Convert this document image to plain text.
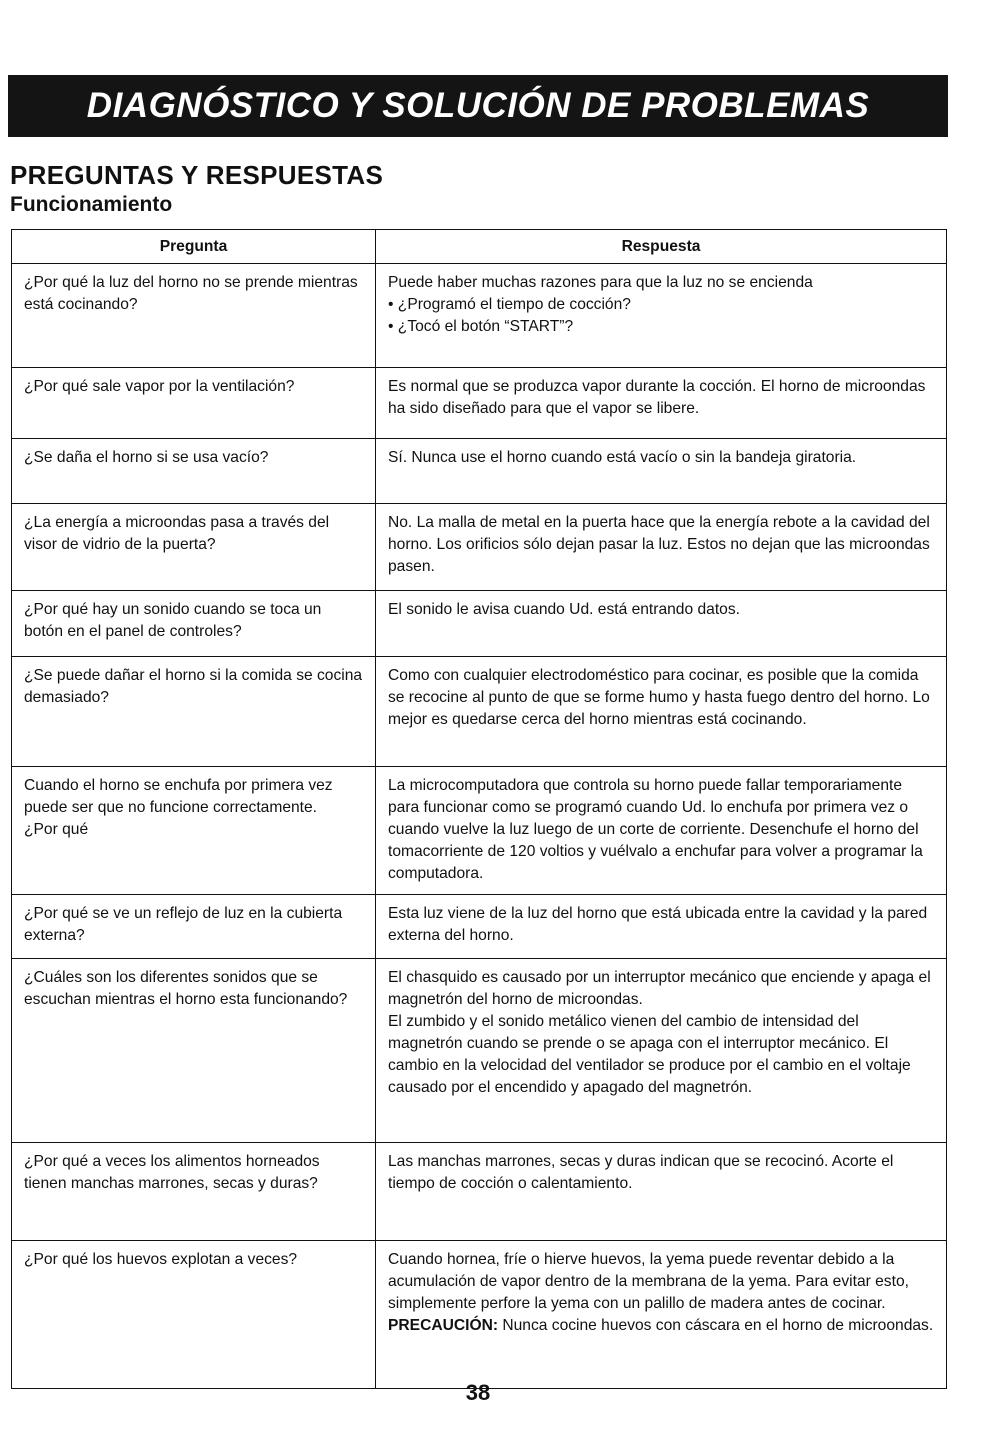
DIAGNÓSTICO Y SOLUCIÓN DE PROBLEMAS
PREGUNTAS Y RESPUESTAS
Funcionamiento
Pregunta	Respuesta
¿Por qué la luz del horno no se prende mientras está cocinando?	Puede haber muchas razones para que la luz no se encienda
• ¿Programó el tiempo de cocción?
• ¿Tocó el botón “START”?

¿Por qué sale vapor por la ventilación?	Es normal que se produzca vapor durante la cocción. El horno de microondas ha sido diseñado para que el vapor se libere.
¿Se daña el horno si se usa vacío?	Sí. Nunca use el horno cuando está vacío o sin la bandeja giratoria.
¿La energía a microondas pasa a través del visor de vidrio de la puerta?	No. La malla de metal en la puerta hace que la energía rebote a la cavidad del horno. Los orificios sólo dejan pasar la luz. Estos no dejan que las microondas pasen.
¿Por qué hay un sonido cuando se toca un botón en el panel de controles?	El sonido le avisa cuando Ud. está entrando datos.
¿Se puede dañar el horno si la comida se cocina demasiado?	Como con cualquier electrodoméstico para cocinar, es posible que la comida se recocine al punto de que se forme humo y hasta fuego dentro del horno. Lo mejor es quedarse cerca del horno mientras está cocinando.

Cuando el horno se enchufa por primera vez puede ser que no funcione correctamente.
¿Por qué	La microcomputadora que controla su horno puede fallar temporariamente para funcionar como se programó cuando Ud. lo enchufa por primera vez o cuando vuelve la luz luego de un corte de corriente. Desenchufe el horno del tomacorriente de 120 voltios y vuélvalo a enchufar para volver a programar la computadora.
¿Por qué se ve un reflejo de luz en la cubierta externa?	Esta luz viene de la luz del horno que está ubicada entre la cavidad y la pared externa del horno.
¿Cuáles son los diferentes sonidos que se escuchan mientras el horno esta funcionando?	El chasquido es causado por un interruptor mecánico que enciende y apaga el magnetrón del horno de microondas.
El zumbido y el sonido metálico vienen del cambio de intensidad del magnetrón cuando se prende o se apaga con el interruptor mecánico. El cambio en la velocidad del ventilador se produce por el cambio en el voltaje causado por el encendido y apagado del magnetrón.

¿Por qué a veces los alimentos horneados tienen manchas marrones, secas y duras?	Las manchas marrones, secas y duras indican que se recocinó. Acorte el tiempo de cocción o calentamiento.
¿Por qué los huevos explotan a veces?	Cuando hornea, fríe o hierve huevos, la yema puede reventar debido a la acumulación de vapor dentro de la membrana de la yema. Para evitar esto, simplemente perfore la yema con un palillo de madera antes de cocinar.
PRECAUCIÓN: Nunca cocine huevos con cáscara en el horno de microondas.
38
